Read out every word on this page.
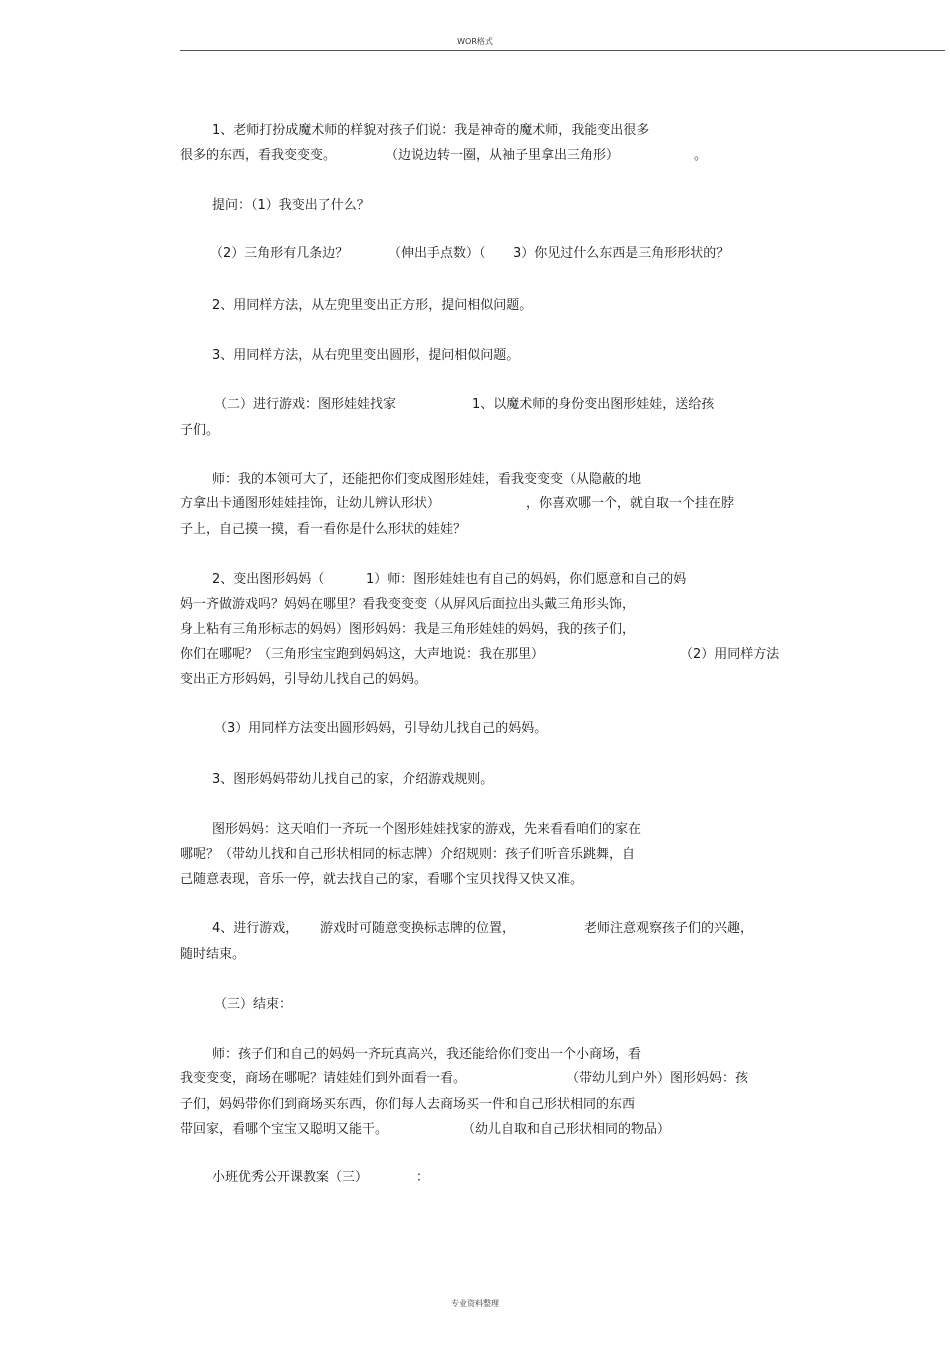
WOR格式

1、老师打扮成魔术师的样貌对孩子们说：我是神奇的魔术师，我能变出很多

很多的东西，看我变变变。	（边说边转一圈，从袖子里拿出三角形）	。

提问：（1）我变出了什么？

（2）三角形有几条边？	（伸出手点数）（ 3）你见过什么东西是三角形形状的？

2、用同样方法，从左兜里变出正方形，提问相似问题。

3、用同样方法，从右兜里变出圆形，提问相似问题。

（二）进行游戏：图形娃娃找家	1、以魔术师的身份变出图形娃娃，送给孩

子们。

师：我的本领可大了，还能把你们变成图形娃娃，看我变变变（从隐蔽的地

方拿出卡通图形娃娃挂饰，让幼儿辨认形状）	，你喜欢哪一个，就自取一个挂在脖

子上，自己摸一摸，看一看你是什么形状的娃娃？

2、变出图形妈妈（	1）师：图形娃娃也有自己的妈妈，你们愿意和自己的妈

妈一齐做游戏吗？妈妈在哪里？看我变变变（从屏风后面拉出头戴三角形头饰，

身上粘有三角形标志的妈妈）图形妈妈：我是三角形娃娃的妈妈，我的孩子们，

你们在哪呢？（三角形宝宝跑到妈妈这，大声地说：我在那里）	（2）用同样方法

变出正方形妈妈，引导幼儿找自己的妈妈。

（3）用同样方法变出圆形妈妈，引导幼儿找自己的妈妈。

3、图形妈妈带幼儿找自己的家，介绍游戏规则。

图形妈妈：这天咱们一齐玩一个图形娃娃找家的游戏，先来看看咱们的家在

哪呢？（带幼儿找和自己形状相同的标志牌）介绍规则：孩子们听音乐跳舞，自

己随意表现，音乐一停，就去找自己的家，看哪个宝贝找得又快又准。

4、进行游戏， 游戏时可随意变换标志牌的位置，	老师注意观察孩子们的兴趣，

随时结束。

（三）结束：

师：孩子们和自己的妈妈一齐玩真高兴，我还能给你们变出一个小商场，看

我变变变，商场在哪呢？请娃娃们到外面看一看。	（带幼儿到户外）图形妈妈：孩

子们，妈妈带你们到商场买东西，你们每人去商场买一件和自己形状相同的东西

带回家，看哪个宝宝又聪明又能干。	（幼儿自取和自己形状相同的物品）

小班优秀公开课教案（三）	：

专业资料整理
